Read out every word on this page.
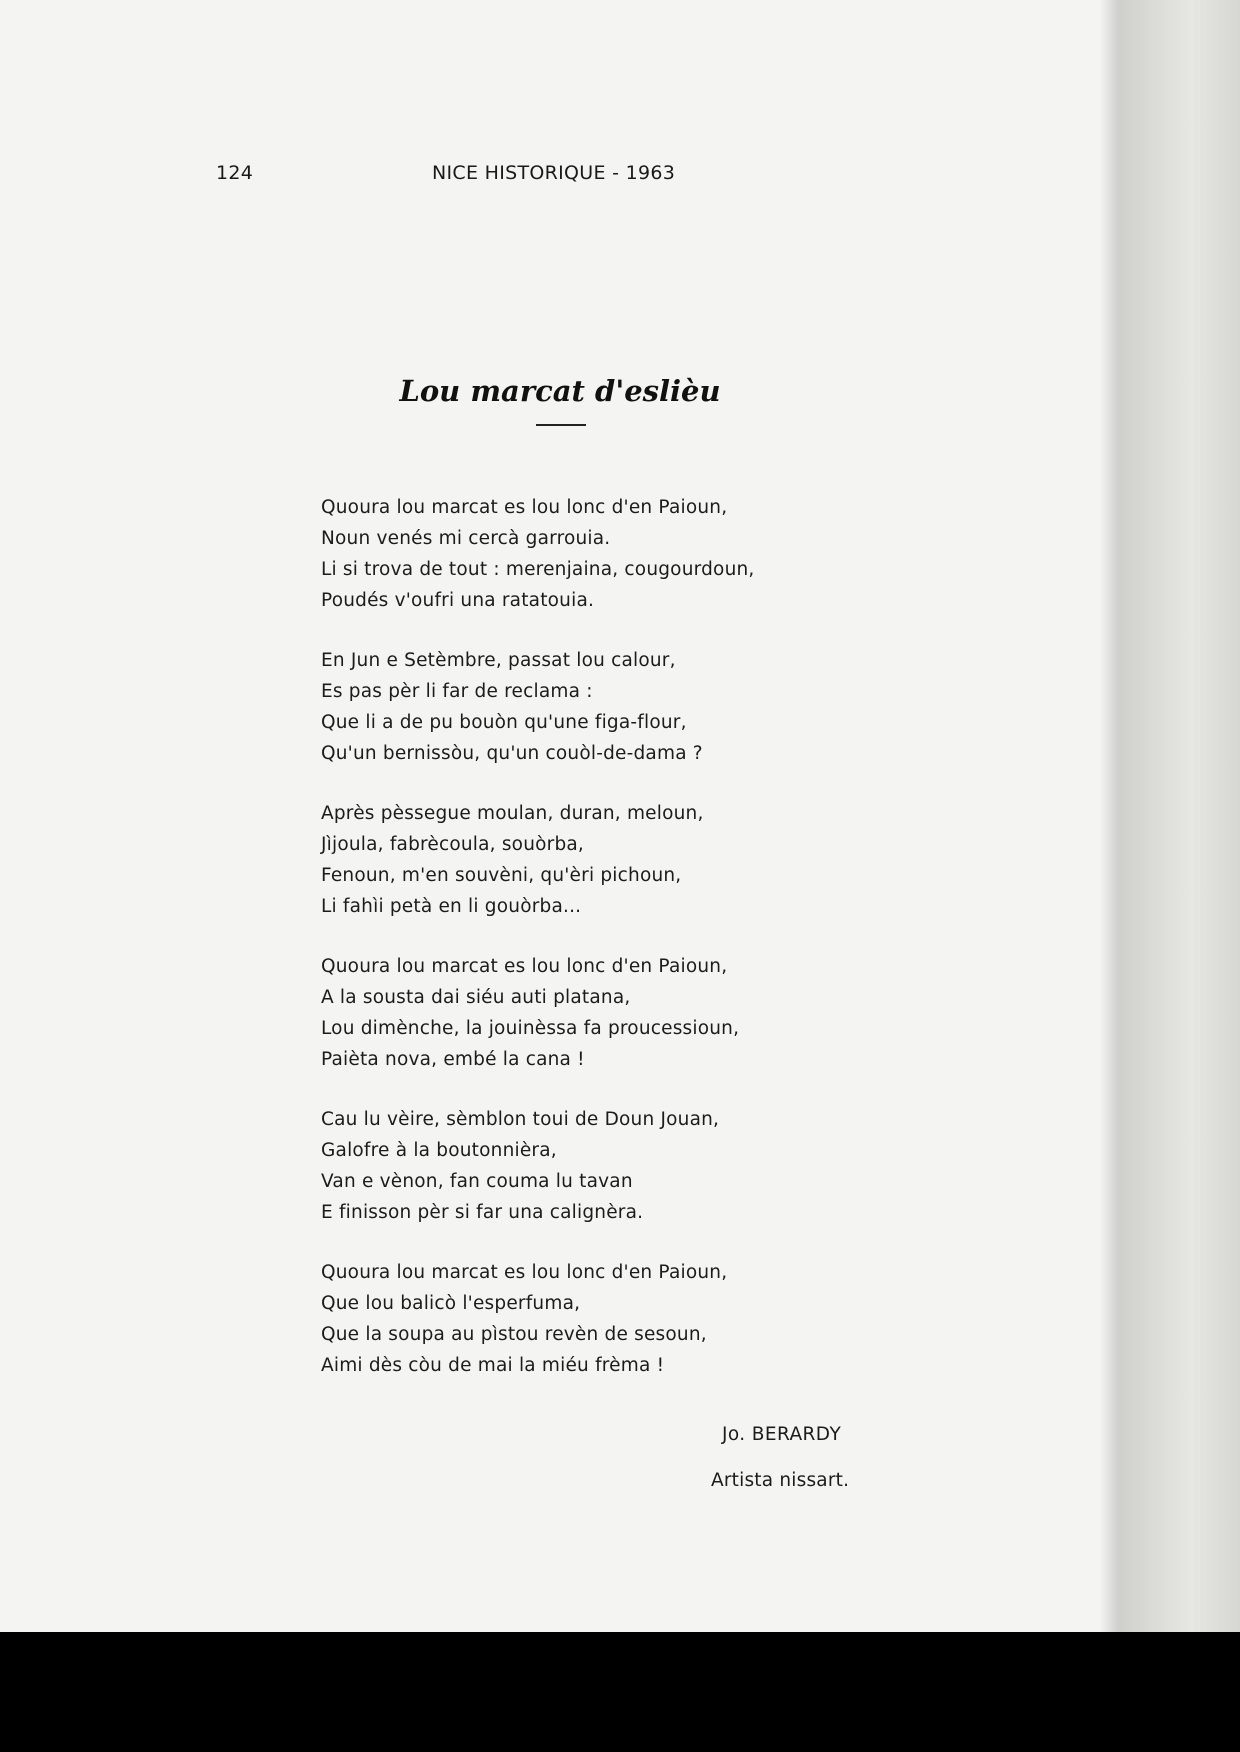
124	NICE HISTORIQUE - 1963
Lou marcat d'eslièu
Quoura lou marcat es lou lonc d'en Paioun,
Noun venés mi cercà garrouia.
Li si trova de tout : merenjaina, cougourdoun,
Poudés v'oufri una ratatouia.
En Jun e Setèmbre, passat lou calour,
Es pas pèr li far de reclama :
Que li a de pu bouòn qu'une figa-flour,
Qu'un bernissòu, qu'un couòl-de-dama ?
Après pèssegue moulan, duran, meloun,
Jìjoula, fabrècoula, souòrba,
Fenoun, m'en souvèni, qu'èri pichoun,
Li fahìi petà en li gouòrba...
Quoura lou marcat es lou lonc d'en Paioun,
A la sousta dai siéu auti platana,
Lou dimènche, la jouinèssa fa proucessioun,
Paièta nova, embé la cana !
Cau lu vèire, sèmblon toui de Doun Jouan,
Galofre à la boutonnièra,
Van e vènon, fan couma lu tavan
E finisson pèr si far una calignèra.
Quoura lou marcat es lou lonc d'en Paioun,
Que lou balicò l'esperfuma,
Que la soupa au pìstou revèn de sesoun,
Aimi dès còu de mai la miéu frèma !
Jo. BERARDY
Artista nissart.
